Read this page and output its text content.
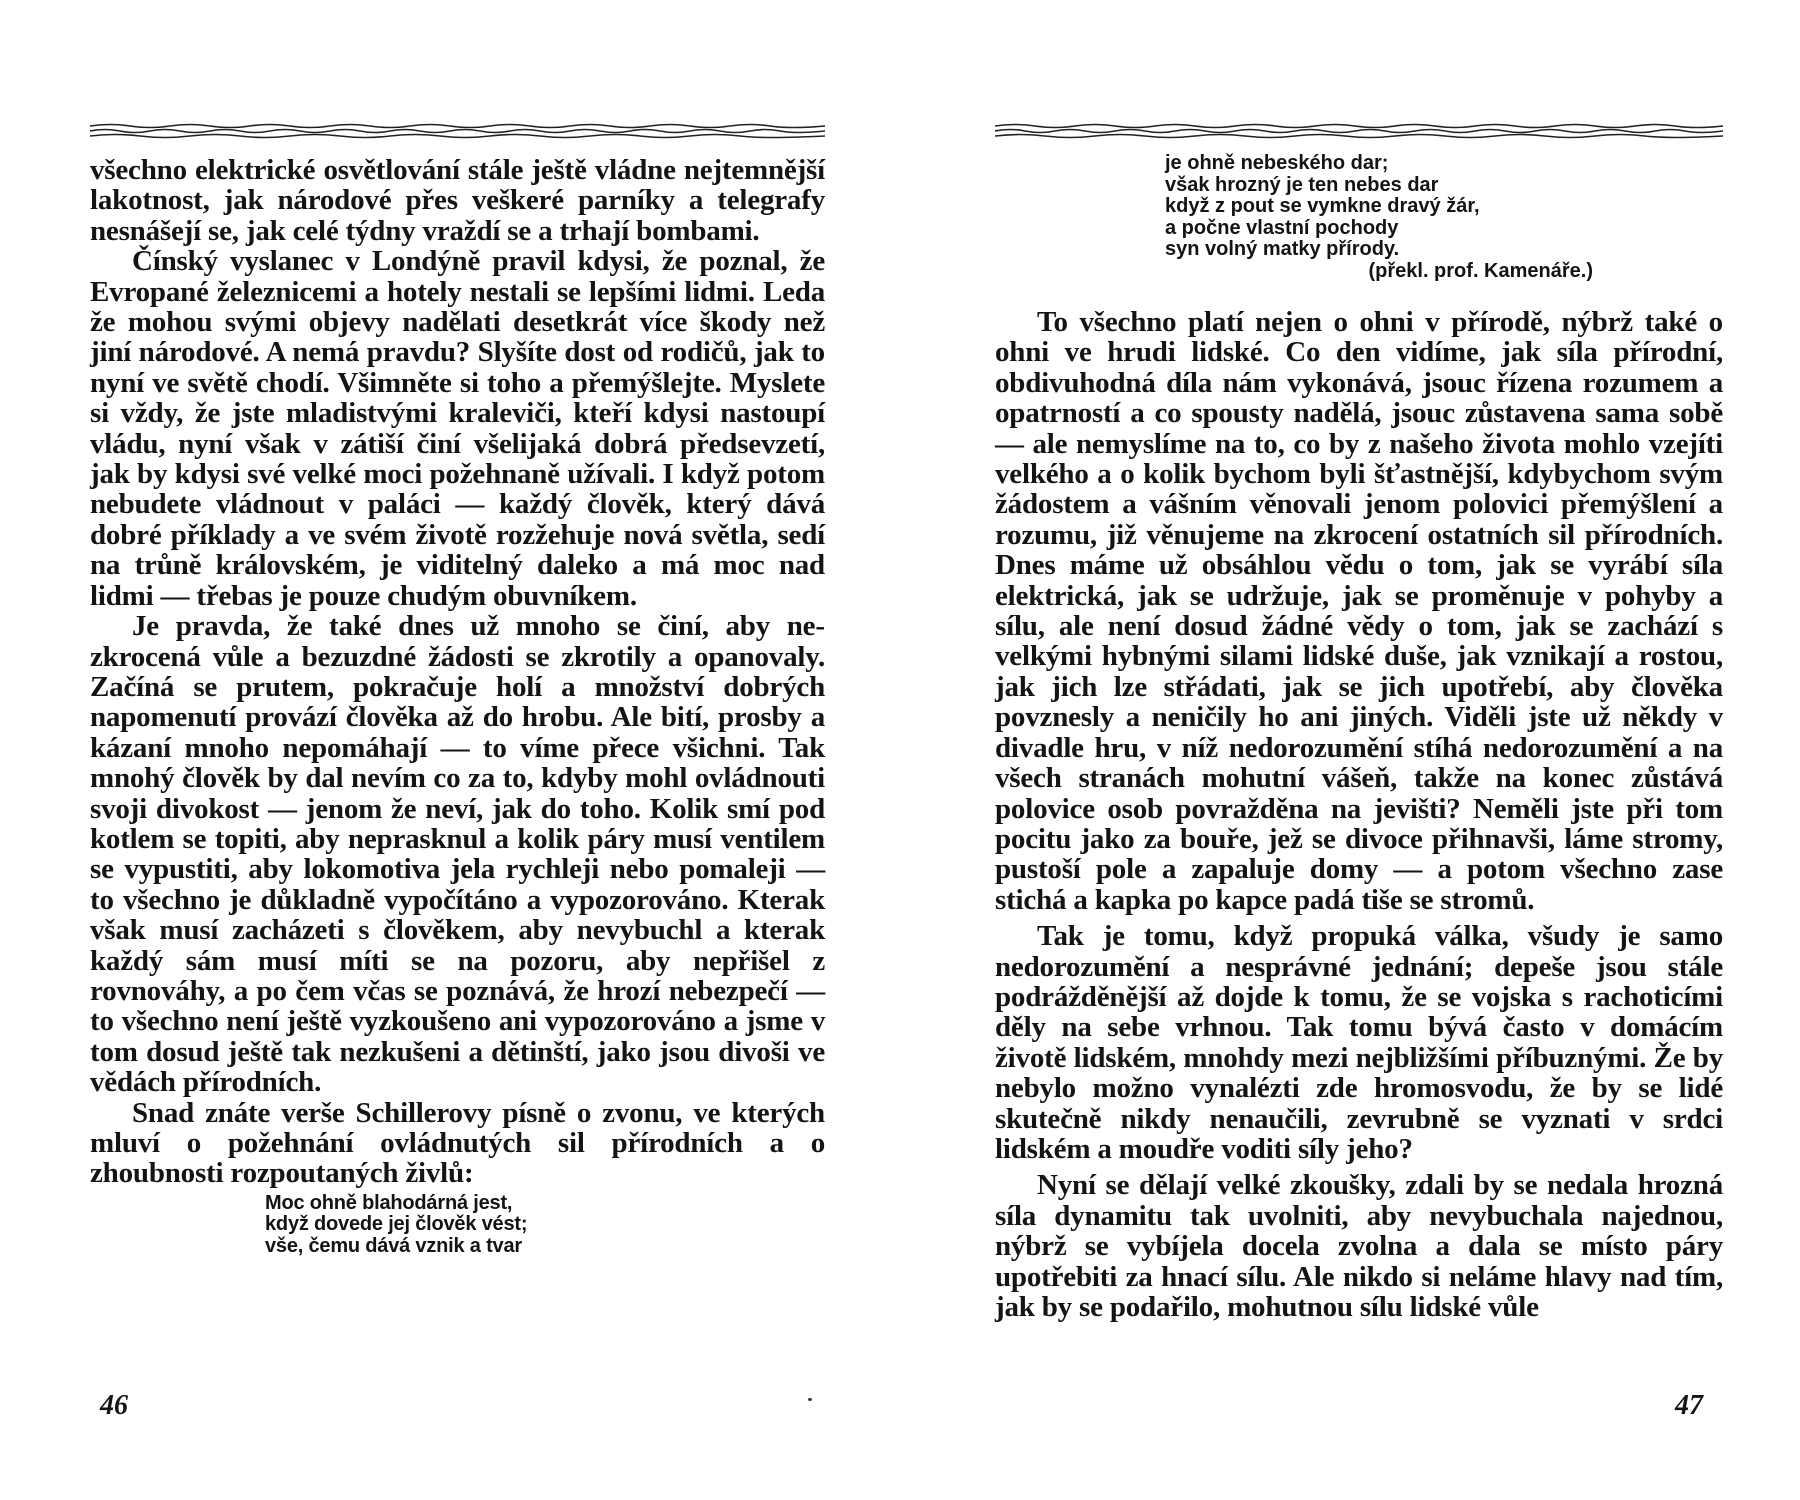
všechno elektrické osvětlování stále ještě vládne nejtemnější lakotnost, jak národové přes veškeré parníky a telegrafy nesnášejí se, jak celé týdny vraždí se a trhají bombami.

Čínský vyslanec v Londýně pravil kdysi, že poznal, že Evropané železnicemi a hotely nestali se lepšími lidmi. Leda že mohou svými objevy nadělati desetkrát více škody než jiní národové. A nemá pravdu? Slyšíte dost od rodičů, jak to nyní ve světě chodí. Všimněte si toho a přemýšlejte. Myslete si vždy, že jste mladistvými kraleviči, kteří kdysi nastoupí vládu, nyní však v zátiší činí všelijaká dobrá předsevzetí, jak by kdysi své velké moci požehnaně užívali. I když potom nebudete vládnout v paláci — každý člověk, který dává dobré příklady a ve svém životě rozžehuje nová světla, sedí na trůně královském, je viditelný daleko a má moc nad lidmi — třebas je pouze chudým obuvníkem.

Je pravda, že také dnes už mnoho se činí, aby nezkrocená vůle a bezuzdné žádosti se zkrotily a opanovaly. Začíná se prutem, pokračuje holí a množství dobrých napomenutí provází člověka až do hrobu. Ale bití, prosby a kázaní mnoho nepomáhají — to víme přece všichni. Tak mnohý člověk by dal nevím co za to, kdyby mohl ovládnouti svoji divokost — jenom že neví, jak do toho. Kolik smí pod kotlem se topiti, aby neprasknul a kolik páry musí ventilem se vypustiti, aby lokomotiva jela rychleji nebo pomaleji — to všechno je důkladně vypočítáno a vypozorováno. Kterak však musí zacházeti s člověkem, aby nevybuchl a kterak každý sám musí míti se na pozoru, aby nepřišel z rovnováhy, a po čem včas se poznává, že hrozí nebezpečí — to všechno není ještě vyzkoušeno ani vypozorováno a jsme v tom dosud ještě tak nezkušeni a dětinští, jako jsou divoši ve vědách přírodních.

Snad znáte verše Schillerovy písně o zvonu, ve kterých mluví o požehnání ovládnutých sil přírodních a o zhoubnosti rozpoutaných živlů:

Moc ohně blahodárná jest,
když dovede jej člověk vést;
vše, čemu dává vznik a tvar
46
je ohně nebeského dar;
však hrozný je ten nebes dar
když z pout se vymkne dravý žár,
a počne vlastní pochody
syn volný matky přírody.
(překl. prof. Kamenáře.)

To všechno platí nejen o ohni v přírodě, nýbrž také o ohni ve hrudi lidské. Co den vidíme, jak síla přírodní, obdivuhodná díla nám vykonává, jsouc řízena rozumem a opatrností a co spousty nadělá, jsouc zůstavena sama sobě — ale nemyslíme na to, co by z našeho života mohlo vzejíti velkého a o kolik bychom byli šťastnější, kdybychom svým žádostem a vášním věnovali jenom polovici přemýšlení a rozumu, již věnujeme na zkrocení ostatních sil přírodních. Dnes máme už obsáhlou vědu o tom, jak se vyrábí síla elektrická, jak se udržuje, jak se proměnuje v pohyby a sílu, ale není dosud žádné vědy o tom, jak se zachází s velkými hybnými silami lidské duše, jak vznikají a rostou, jak jich lze střádati, jak se jich upotřebí, aby člověka povznesly a neničily ho ani jiných. Viděli jste už někdy v divadle hru, v níž nedorozumění stíhá nedorozumění a na všech stranách mohutní vášeň, takže na konec zůstává polovice osob povražděna na jevišti? Neměli jste při tom pocitu jako za bouře, jež se divoce přihnavši, láme stromy, pustoší pole a zapaluje domy — a potom všechno zase stichá a kapka po kapce padá tiše se stromů.

Tak je tomu, když propuká válka, všudy je samo nedorozumění a nesprávné jednání; depeše jsou stále podrážděnější až dojde k tomu, že se vojska s rachoticími děly na sebe vrhnou. Tak tomu bývá často v domácím životě lidském, mnohdy mezi nejbližšími příbuznými. Že by nebylo možno vynalézti zde hromosvodu, že by se lidé skutečně nikdy nenaučili, zevrubně se vyznati v srdci lidském a moudře voditi síly jeho?

Nyní se dělají velké zkoušky, zdali by se nedala hrozná síla dynamitu tak uvolniti, aby nevybuchala najednou, nýbrž se vybíjela docela zvolna a dala se místo páry upotřebiti za hnací sílu. Ale nikdo si neláme hlavy nad tím, jak by se podařilo, mohutnou sílu lidské vůle

47
